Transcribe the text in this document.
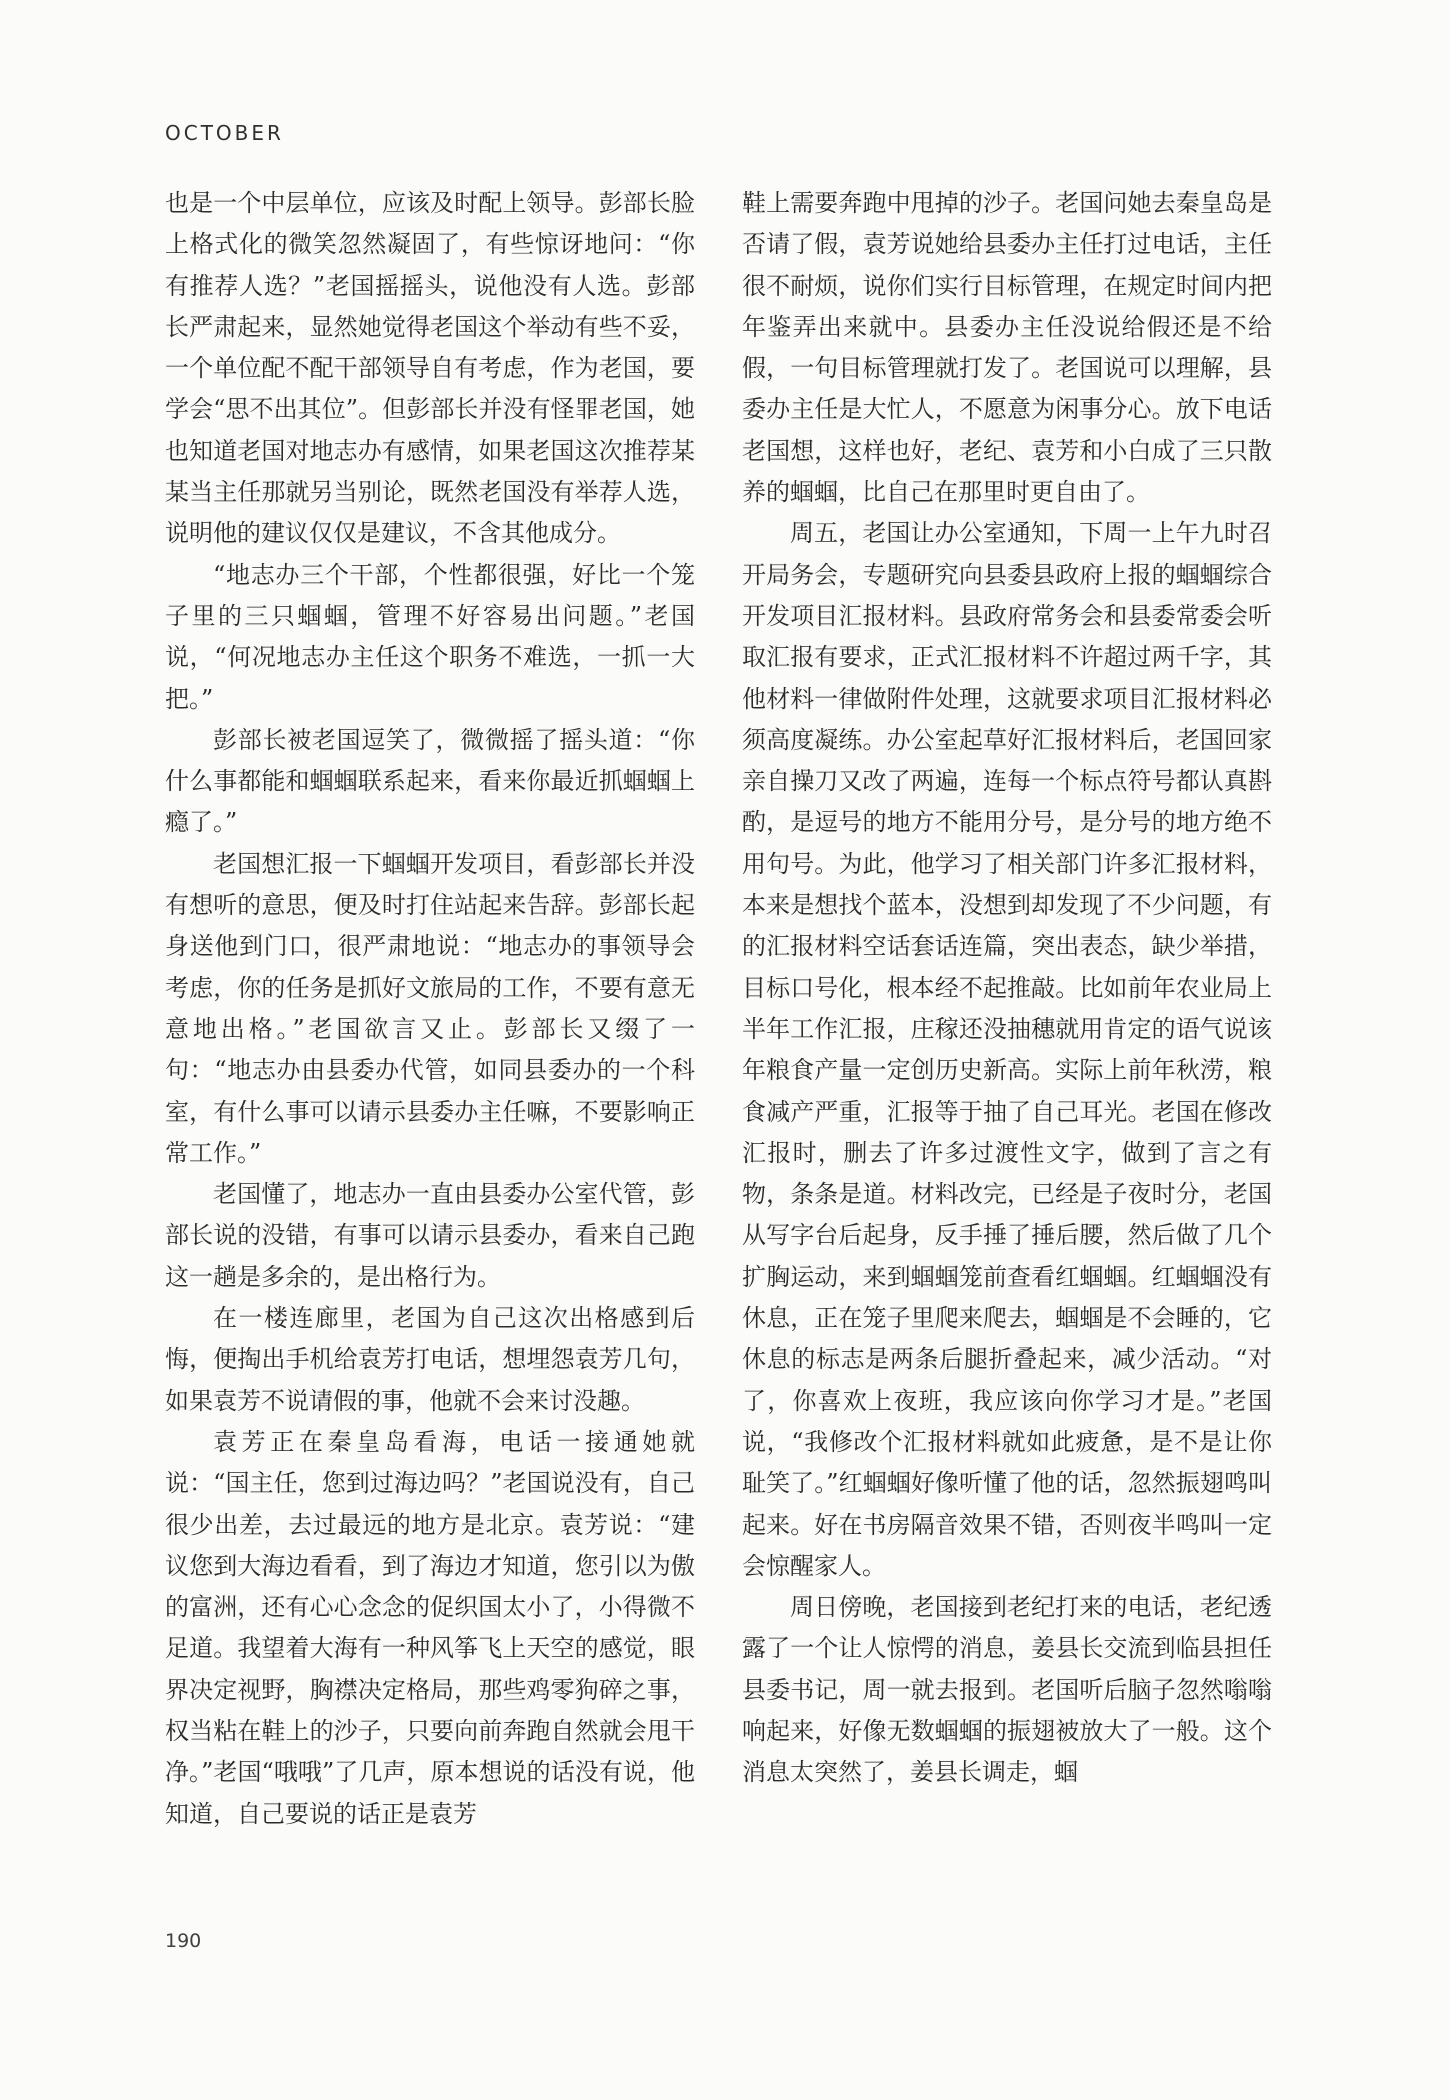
OCTOBER

也是一个中层单位，应该及时配上领导。彭部长脸上格式化的微笑忽然凝固了，有些惊讶地问：“你有推荐人选？”老国摇摇头，说他没有人选。彭部长严肃起来，显然她觉得老国这个举动有些不妥，一个单位配不配干部领导自有考虑，作为老国，要学会“思不出其位”。但彭部长并没有怪罪老国，她也知道老国对地志办有感情，如果老国这次推荐某某当主任那就另当别论，既然老国没有举荐人选，说明他的建议仅仅是建议，不含其他成分。

“地志办三个干部，个性都很强，好比一个笼子里的三只蝈蝈，管理不好容易出问题。”老国说，“何况地志办主任这个职务不难选，一抓一大把。”

彭部长被老国逗笑了，微微摇了摇头道：“你什么事都能和蝈蝈联系起来，看来你最近抓蝈蝈上瘾了。”

老国想汇报一下蝈蝈开发项目，看彭部长并没有想听的意思，便及时打住站起来告辞。彭部长起身送他到门口，很严肃地说：“地志办的事领导会考虑，你的任务是抓好文旅局的工作，不要有意无意地出格。”老国欲言又止。彭部长又缀了一句：“地志办由县委办代管，如同县委办的一个科室，有什么事可以请示县委办主任嘛，不要影响正常工作。”

老国懂了，地志办一直由县委办公室代管，彭部长说的没错，有事可以请示县委办，看来自己跑这一趟是多余的，是出格行为。

在一楼连廊里，老国为自己这次出格感到后悔，便掏出手机给袁芳打电话，想埋怨袁芳几句，如果袁芳不说请假的事，他就不会来讨没趣。

袁芳正在秦皇岛看海，电话一接通她就说：“国主任，您到过海边吗？”老国说没有，自己很少出差，去过最远的地方是北京。袁芳说：“建议您到大海边看看，到了海边才知道，您引以为傲的富洲，还有心心念念的促织国太小了，小得微不足道。我望着大海有一种风筝飞上天空的感觉，眼界决定视野，胸襟决定格局，那些鸡零狗碎之事，权当粘在鞋上的沙子，只要向前奔跑自然就会甩干净。”老国“哦哦”了几声，原本想说的话没有说，他知道，自己要说的话正是袁芳

鞋上需要奔跑中甩掉的沙子。老国问她去秦皇岛是否请了假，袁芳说她给县委办主任打过电话，主任很不耐烦，说你们实行目标管理，在规定时间内把年鉴弄出来就中。县委办主任没说给假还是不给假，一句目标管理就打发了。老国说可以理解，县委办主任是大忙人，不愿意为闲事分心。放下电话老国想，这样也好，老纪、袁芳和小白成了三只散养的蝈蝈，比自己在那里时更自由了。

周五，老国让办公室通知，下周一上午九时召开局务会，专题研究向县委县政府上报的蝈蝈综合开发项目汇报材料。县政府常务会和县委常委会听取汇报有要求，正式汇报材料不许超过两千字，其他材料一律做附件处理，这就要求项目汇报材料必须高度凝练。办公室起草好汇报材料后，老国回家亲自操刀又改了两遍，连每一个标点符号都认真斟酌，是逗号的地方不能用分号，是分号的地方绝不用句号。为此，他学习了相关部门许多汇报材料，本来是想找个蓝本，没想到却发现了不少问题，有的汇报材料空话套话连篇，突出表态，缺少举措，目标口号化，根本经不起推敲。比如前年农业局上半年工作汇报，庄稼还没抽穗就用肯定的语气说该年粮食产量一定创历史新高。实际上前年秋涝，粮食减产严重，汇报等于抽了自己耳光。老国在修改汇报时，删去了许多过渡性文字，做到了言之有物，条条是道。材料改完，已经是子夜时分，老国从写字台后起身，反手捶了捶后腰，然后做了几个扩胸运动，来到蝈蝈笼前查看红蝈蝈。红蝈蝈没有休息，正在笼子里爬来爬去，蝈蝈是不会睡的，它休息的标志是两条后腿折叠起来，减少活动。“对了，你喜欢上夜班，我应该向你学习才是。”老国说，“我修改个汇报材料就如此疲惫，是不是让你耻笑了。”红蝈蝈好像听懂了他的话，忽然振翅鸣叫起来。好在书房隔音效果不错，否则夜半鸣叫一定会惊醒家人。

周日傍晚，老国接到老纪打来的电话，老纪透露了一个让人惊愕的消息，姜县长交流到临县担任县委书记，周一就去报到。老国听后脑子忽然嗡嗡响起来，好像无数蝈蝈的振翅被放大了一般。这个消息太突然了，姜县长调走，蝈

190
